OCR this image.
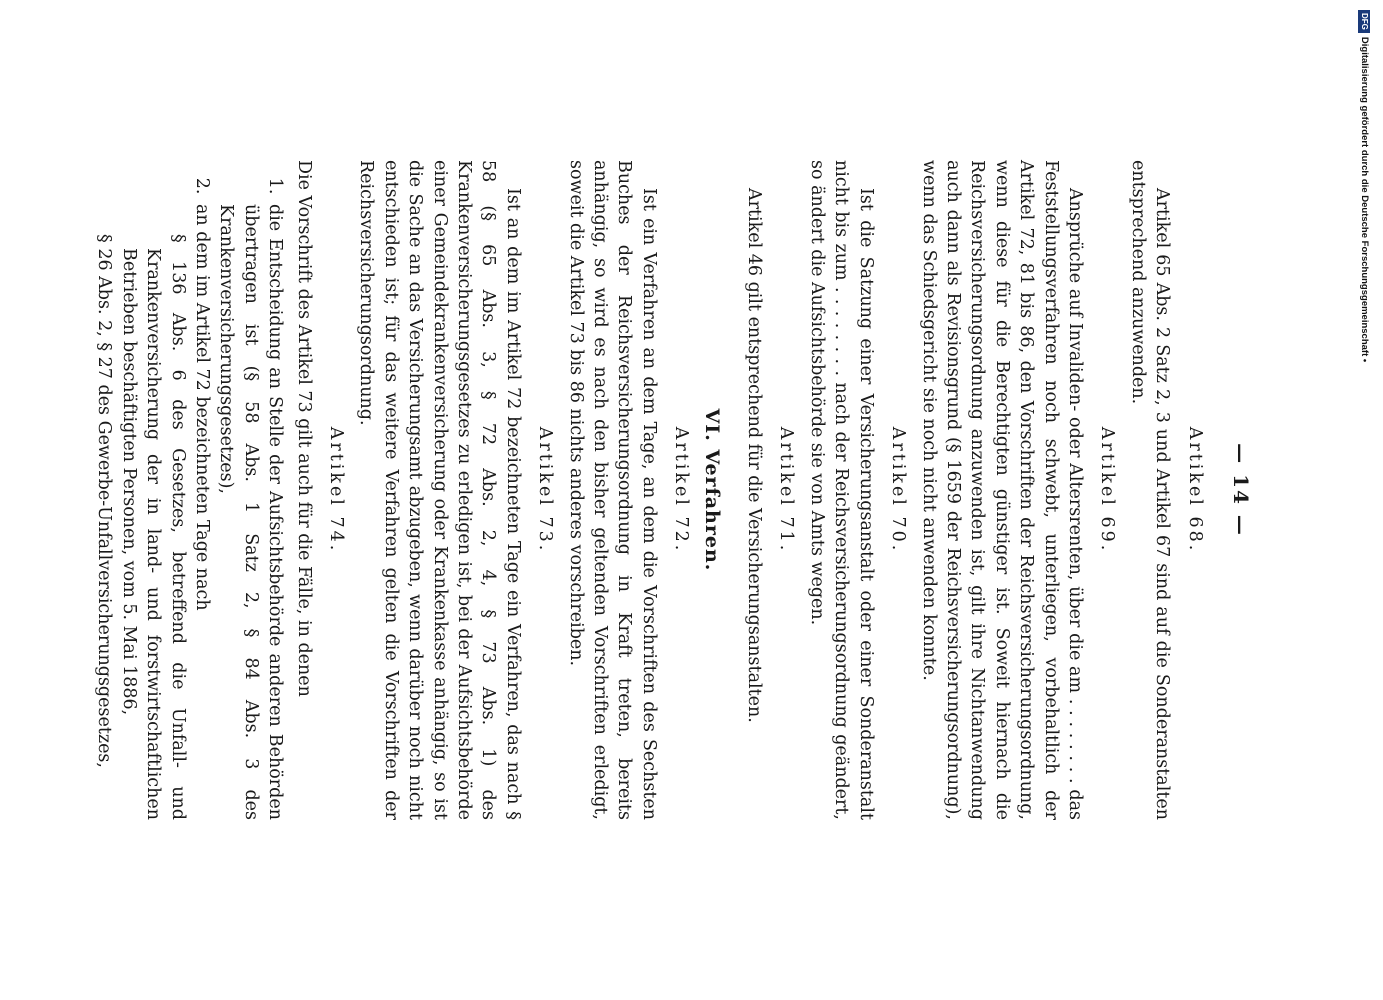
— 14 —
Artikel 68.

Artikel 65 Abs. 2 Satz 2, 3 und Artikel 67 sind auf die Sonderanstalten entsprechend anzuwenden.

Artikel 69.

Ansprüche auf Invaliden- oder Altersrenten, über die am . . . . . . . . das Feststellungsverfahren noch schwebt, unterliegen, vorbehaltlich der Artikel 72, 81 bis 86, den Vorschriften der Reichsversicherungsordnung, wenn diese für die Berechtigten günstiger ist. Soweit hiernach die Reichsversicherungsordnung anzuwenden ist, gilt ihre Nichtanwendung auch dann als Revisionsgrund (§ 1659 der Reichsversicherungsordnung), wenn das Schiedsgericht sie noch nicht anwenden konnte.

Artikel 70.

Ist die Satzung einer Versicherungsanstalt oder einer Sonderanstalt nicht bis zum . . . . . . . . nach der Reichsversicherungsordnung geändert, so ändert die Aufsichtsbehörde sie von Amts wegen.

Artikel 71.

Artikel 46 gilt entsprechend für die Versicherungsanstalten.

VI. Verfahren.
Artikel 72.

Ist ein Verfahren an dem Tage, an dem die Vorschriften des Sechsten Buches der Reichsversicherungsordnung in Kraft treten, bereits anhängig, so wird es nach den bisher geltenden Vorschriften erledigt, soweit die Artikel 73 bis 86 nichts anderes vorschreiben.

Artikel 73.

Ist an dem im Artikel 72 bezeichneten Tage ein Verfahren, das nach § 58 (§ 65 Abs. 3, § 72 Abs. 2, 4, § 73 Abs. 1) des Krankenversicherungsgesetzes zu erledigen ist, bei der Aufsichtsbehörde einer Gemeindekrankenversicherung oder Krankenkasse anhängig, so ist die Sache an das Versicherungsamt abzugeben, wenn darüber noch nicht entschieden ist; für das weitere Verfahren gelten die Vorschriften der Reichsversicherungsordnung.

Artikel 74.

Die Vorschrift des Artikel 73 gilt auch für die Fälle, in denen

1. die Entscheidung an Stelle der Aufsichtsbehörde anderen Behörden übertragen ist (§ 58 Abs. 1 Satz 2, § 84 Abs. 3 des Krankenversicherungsgesetzes),
2. an dem im Artikel 72 bezeichneten Tage nach
§ 136 Abs. 6 des Gesetzes, betreffend die Unfall- und Krankenversicherung der in land- und forstwirtschaftlichen Betrieben beschäftigten Personen, vom 5. Mai 1886,
§ 26 Abs. 2, § 27 des Gewerbe-Unfallversicherungsgesetzes,
DFGDigitalisierung gefördert durch die Deutsche Forschungsgemeinschaft •
